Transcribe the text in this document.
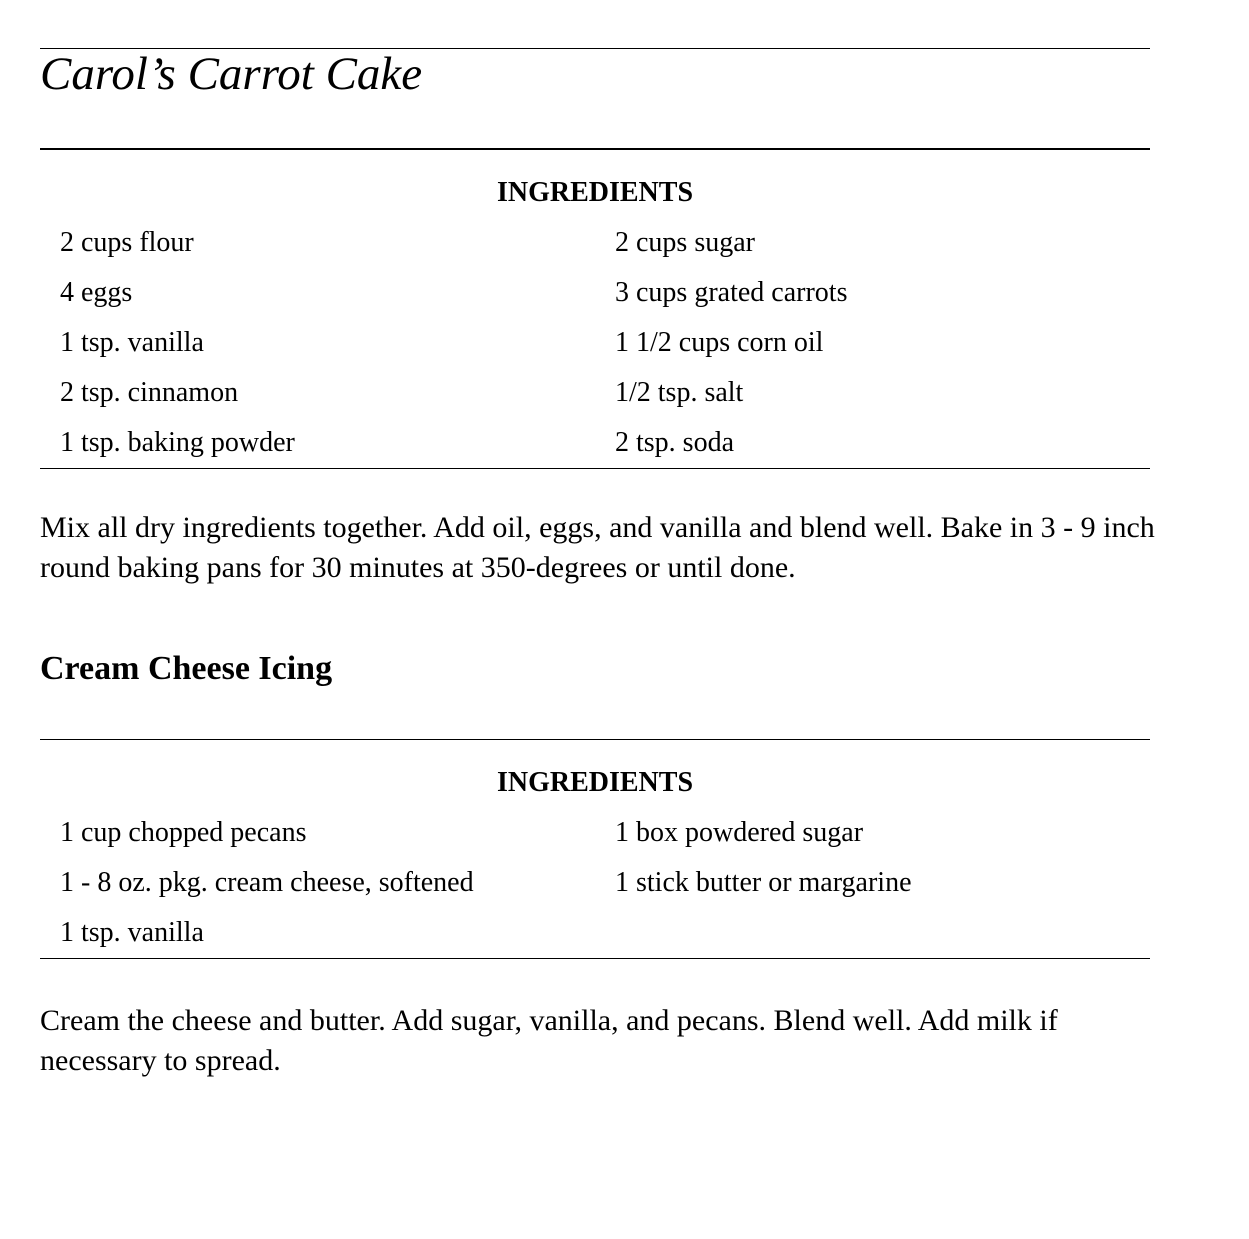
Carol’s Carrot Cake
INGREDIENTS
2 cups flour
4 eggs
1 tsp. vanilla
2 tsp. cinnamon
1 tsp. baking powder
2 cups sugar
3 cups grated carrots
1 1/2 cups corn oil
1/2 tsp. salt
2 tsp. soda

Mix all dry ingredients together. Add oil, eggs, and vanilla and blend well. Bake in 3 - 9 inch round baking pans for 30 minutes at 350-degrees or until done.

Cream Cheese Icing
INGREDIENTS
1 cup chopped pecans
1 - 8 oz. pkg. cream cheese, softened
1 tsp. vanilla
1 box powdered sugar
1 stick butter or margarine

Cream the cheese and butter. Add sugar, vanilla, and pecans. Blend well. Add milk if necessary to spread.
